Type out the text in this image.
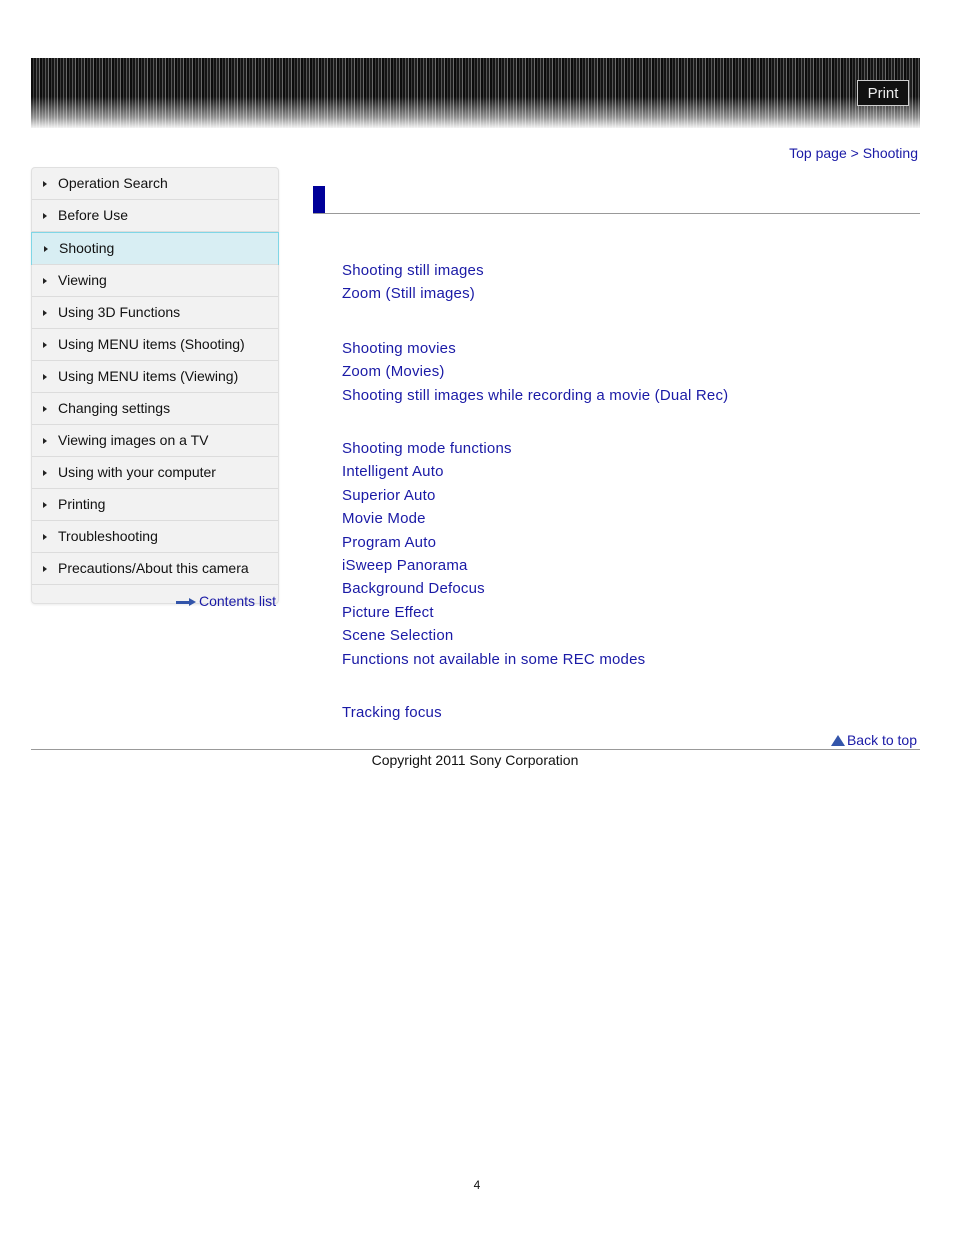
Print
Top page > Shooting
Operation Search
Before Use
Shooting
Viewing
Using 3D Functions
Using MENU items (Shooting)
Using MENU items (Viewing)
Changing settings
Viewing images on a TV
Using with your computer
Printing
Troubleshooting
Precautions/About this camera
Contents list
Shooting still images
Zoom (Still images)
Shooting movies
Zoom (Movies)
Shooting still images while recording a movie (Dual Rec)
Shooting mode functions
Intelligent Auto
Superior Auto
Movie Mode
Program Auto
iSweep Panorama
Background Defocus
Picture Effect
Scene Selection
Functions not available in some REC modes
Tracking focus
Back to top
Copyright 2011 Sony Corporation
4
